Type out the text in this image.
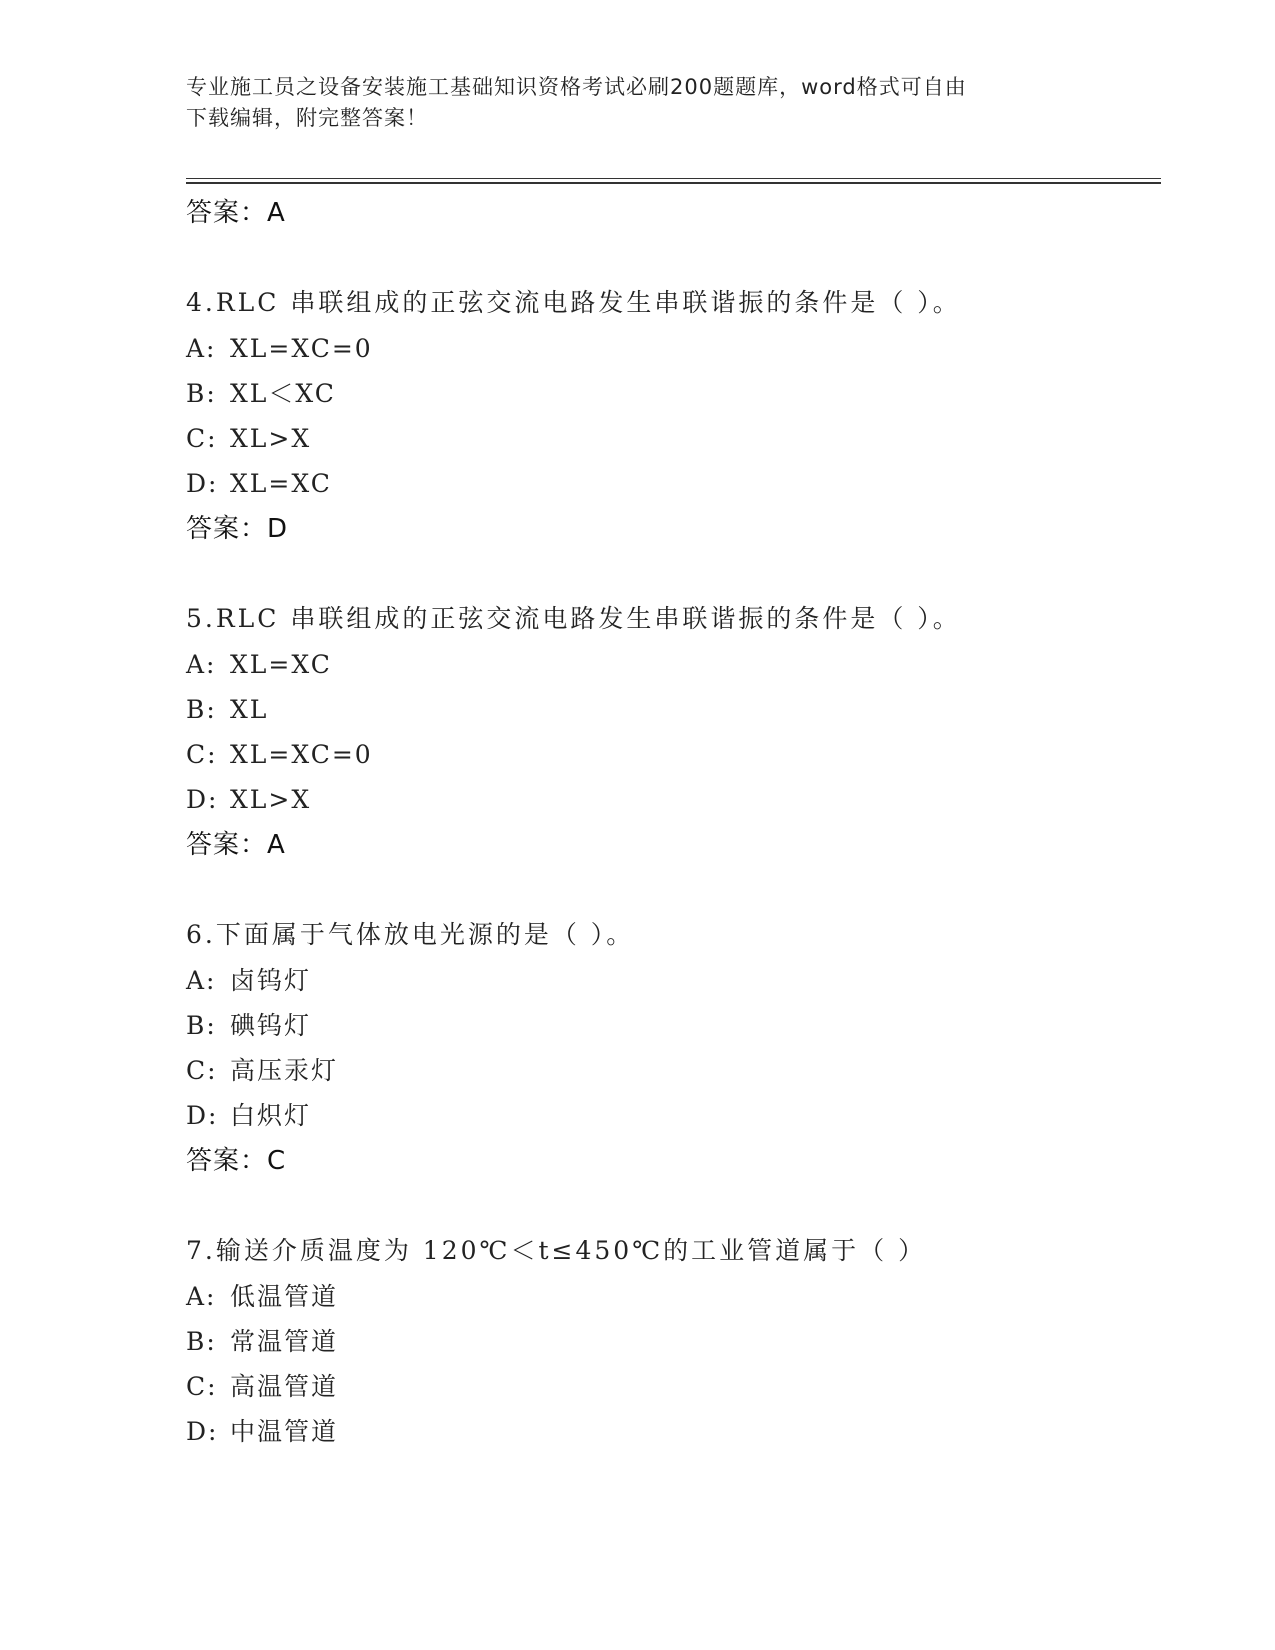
专业施工员之设备安装施工基础知识资格考试必刷200题题库，word格式可自由
下载编辑，附完整答案！
答案：A
4.RLC 串联组成的正弦交流电路发生串联谐振的条件是（ ）。
A: XL=XC=0
B: XL＜XC
C: XL>X
D: XL=XC
答案：D
5.RLC 串联组成的正弦交流电路发生串联谐振的条件是（ ）。
A: XL=XC
B: XL
C: XL=XC=0
D: XL>X
答案：A
6.下面属于气体放电光源的是（ ）。
A: 卤钨灯
B: 碘钨灯
C: 高压汞灯
D: 白炽灯
答案：C
7.输送介质温度为 120℃＜t≤450℃的工业管道属于（ ）
A: 低温管道
B: 常温管道
C: 高温管道
D: 中温管道
